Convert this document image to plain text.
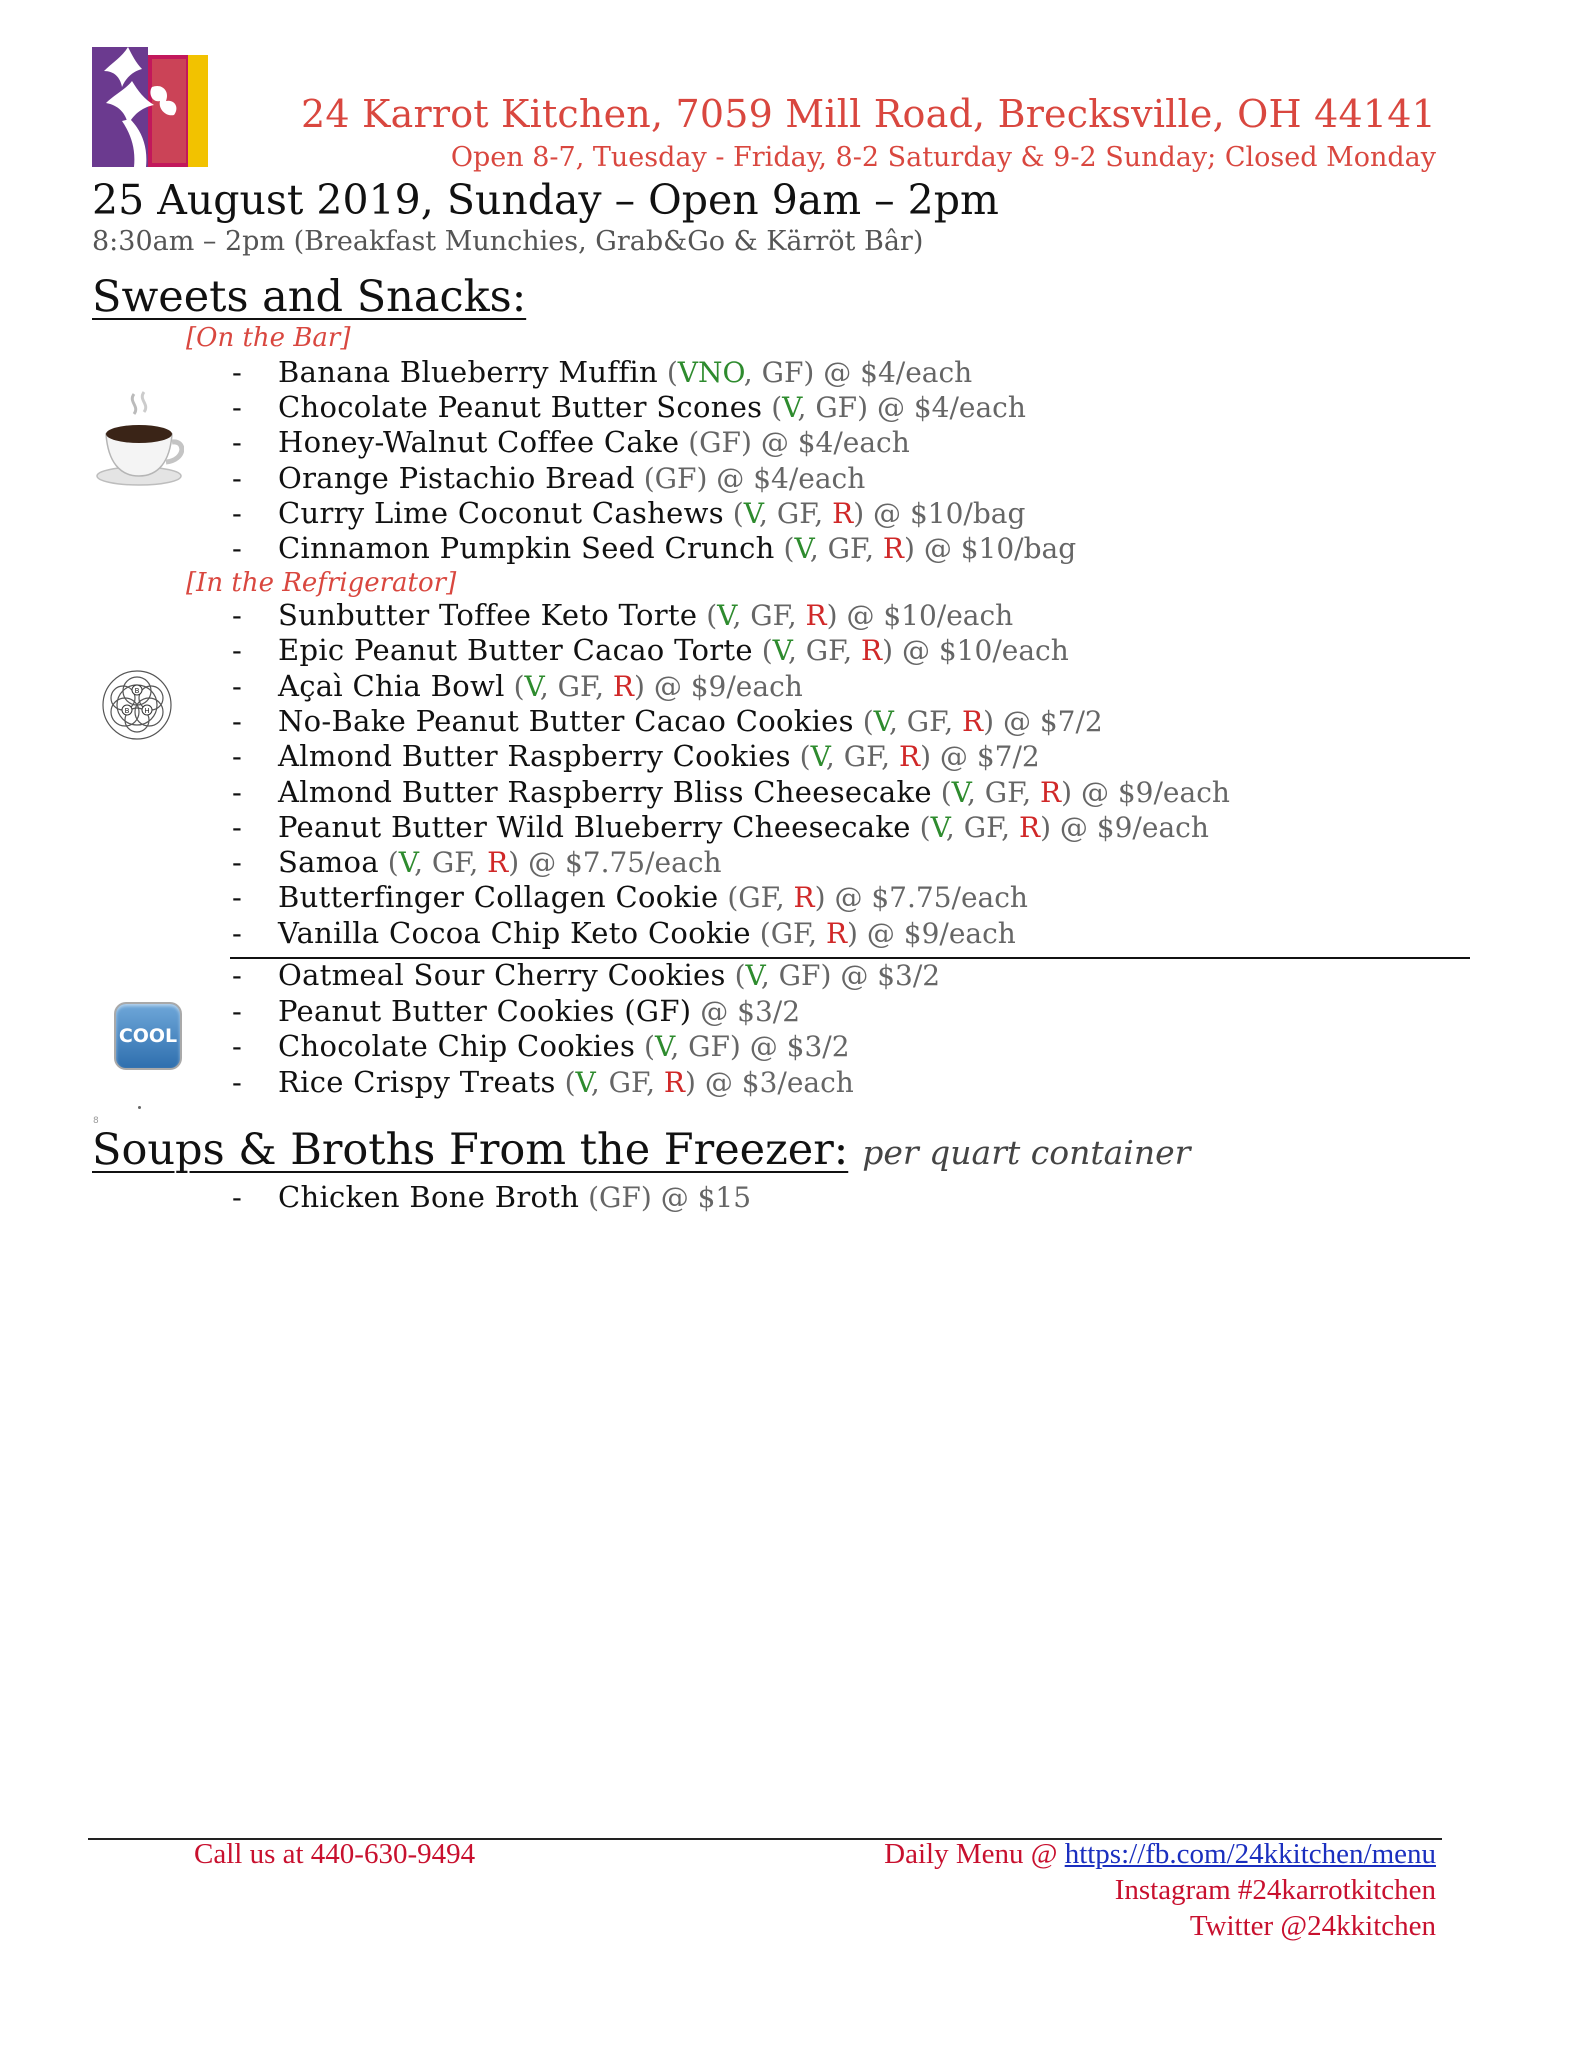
24 Karrot Kitchen, 7059 Mill Road, Brecksville, OH 44141

Open 8-7, Tuesday - Friday, 8-2 Saturday & 9-2 Sunday; Closed Monday

25 August 2019, Sunday – Open 9am – 2pm

8:30am – 2pm (Breakfast Munchies, Grab&Go & Kärröt Bâr)

Sweets and Snacks:

[On the Bar]

- Banana Blueberry Muffin (VNO, GF) @ $4/each
- Chocolate Peanut Butter Scones (V, GF) @ $4/each
- Honey-Walnut Coffee Cake (GF) @ $4/each
- Orange Pistachio Bread (GF) @ $4/each
- Curry Lime Coconut Cashews (V, GF, R) @ $10/bag
- Cinnamon Pumpkin Seed Crunch (V, GF, R) @ $10/bag

[In the Refrigerator]

B
B H
- Sunbutter Toffee Keto Torte (V, GF, R) @ $10/each
- Epic Peanut Butter Cacao Torte (V, GF, R) @ $10/each
- Açaì Chia Bowl (V, GF, R) @ $9/each
- No-Bake Peanut Butter Cacao Cookies (V, GF, R) @ $7/2
- Almond Butter Raspberry Cookies (V, GF, R) @ $7/2
- Almond Butter Raspberry Bliss Cheesecake (V, GF, R) @ $9/each
- Peanut Butter Wild Blueberry Cheesecake (V, GF, R) @ $9/each
- Samoa (V, GF, R) @ $7.75/each
- Butterfinger Collagen Cookie (GF, R) @ $7.75/each
- Vanilla Cocoa Chip Keto Cookie (GF, R) @ $9/each
COOL
- Oatmeal Sour Cherry Cookies (V, GF) @ $3/2
- Peanut Butter Cookies (GF) @ $3/2
- Chocolate Chip Cookies (V, GF) @ $3/2
- Rice Crispy Treats (V, GF, R) @ $3/each
8
Soups & Broths From the Freezer: per quart container
- Chicken Bone Broth (GF) @ $15

Call us at 440-630-9494	Daily Menu @ https://fb.com/24kkitchen/menu

Instagram #24karrotkitchen

Twitter @24kkitchen
